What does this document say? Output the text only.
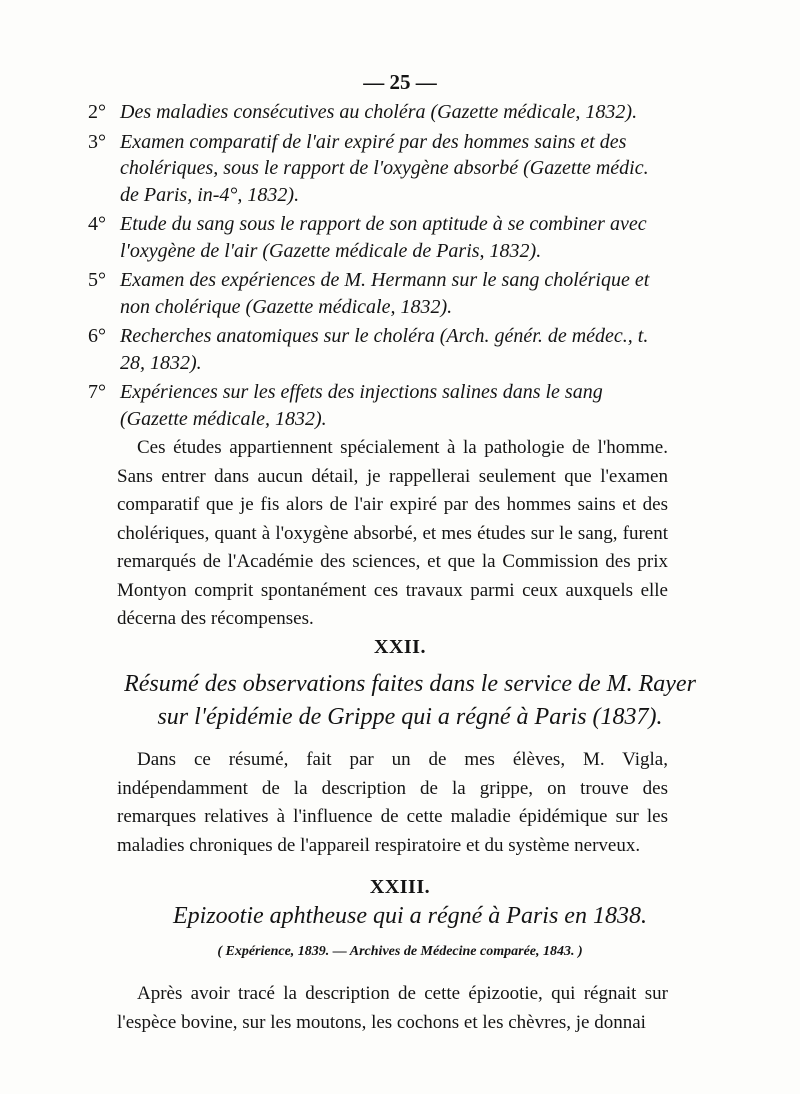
— 25 —

2° Des maladies consécutives au choléra (Gazette médicale, 1832).
3° Examen comparatif de l'air expiré par des hommes sains et des cholériques, sous le rapport de l'oxygène absorbé (Gazette médic. de Paris, in-4°, 1832).
4° Etude du sang sous le rapport de son aptitude à se combiner avec l'oxygène de l'air (Gazette médicale de Paris, 1832).
5° Examen des expériences de M. Hermann sur le sang cholérique et non cholérique (Gazette médicale, 1832).
6° Recherches anatomiques sur le choléra (Arch. génér. de médec., t. 28, 1832).
7° Expériences sur les effets des injections salines dans le sang (Gazette médicale, 1832).

Ces études appartiennent spécialement à la pathologie de l'homme. Sans entrer dans aucun détail, je rappellerai seulement que l'examen comparatif que je fis alors de l'air expiré par des hommes sains et des cholériques, quant à l'oxygène absorbé, et mes études sur le sang, furent remarqués de l'Académie des sciences, et que la Commission des prix Montyon comprit spontanément ces travaux parmi ceux auxquels elle décerna des récompenses.

XXII.
Résumé des observations faites dans le service de M. Rayer
sur l'épidémie de Grippe qui a régné à Paris (1837).

Dans ce résumé, fait par un de mes élèves, M. Vigla, indépendamment de la description de la grippe, on trouve des remarques relatives à l'influence de cette maladie épidémique sur les maladies chroniques de l'appareil respiratoire et du système nerveux.

XXIII.
Epizootie aphtheuse qui a régné à Paris en 1838.
( Expérience, 1839. — Archives de Médecine comparée, 1843. )

Après avoir tracé la description de cette épizootie, qui régnait sur l'espèce bovine, sur les moutons, les cochons et les chèvres, je donnai
